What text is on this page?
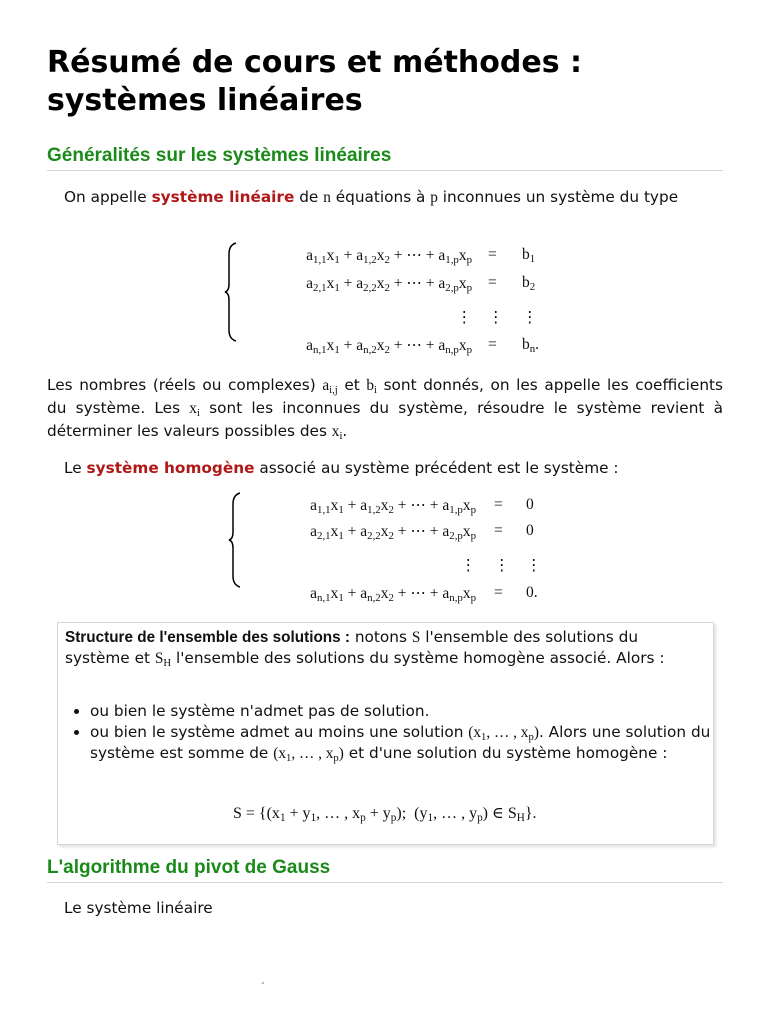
Résumé de cours et méthodes : systèmes linéaires
Généralités sur les systèmes linéaires

On appelle système linéaire de n équations à p inconnues un système du type

$a_{1,1}x_1 + a_{1,2}x_2$ + ⋯ + $a_{1,p}x_p = b_1$
$a_{2,1}x_1 + a_{2,2}x_2$ + ⋯ + $a_{2,p}x_p = b_2$
⋮ ⋮ ⋮
$a_{n,1}x_1 + a_{n,2}x_2$ + ⋯ + $a_{n,p}x_p = b_n$.

Les nombres (réels ou complexes) $a_{i,j}$ et $b_i$ sont donnés, on les appelle les coefficients du système. Les $x_i$ sont les inconnues du système, résoudre le système revient à déterminer les valeurs possibles des $x_i$.

Le système homogène associé au système précédent est le système :

$a_{1,1}x_1 + a_{1,2}x_2$ + ⋯ + $a_{1,p}x_p = 0$
$a_{2,1}x_1 + a_{2,2}x_2$ + ⋯ + $a_{2,p}x_p = 0$
⋮ ⋮ ⋮
$a_{n,1}x_1 + a_{n,2}x_2$ + ⋯ + $a_{n,p}x_p = 0$.
Structure de l'ensemble des solutions : notons S l'ensemble des solutions du système et $S_H$ l'ensemble des solutions du système homogène associé. Alors :
• ou bien le système n'admet pas de solution.
• ou bien le système admet au moins une solution ($x_1$, … , $x_p$). Alors une solution du système est somme de ($x_1$, … , $x_p$) et d'une solution du système homogène :
$S = \{(x_1 + y_1$, … , $x_p + y_p$);  ($y_1$, … , $y_p$) ∈ $S_H$}.
L'algorithme du pivot de Gauss

Le système linéaire

´
